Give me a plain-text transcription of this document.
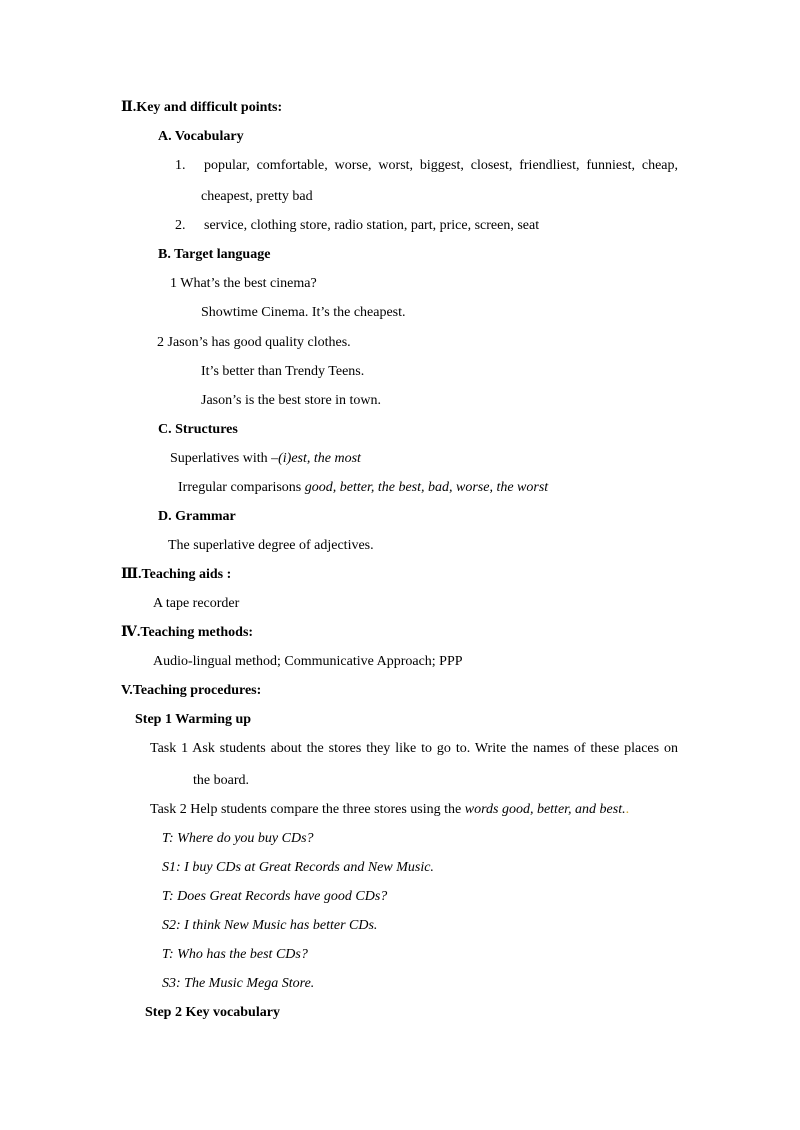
Ⅱ.Key and difficult points:
A. Vocabulary
1. popular, comfortable, worse, worst, biggest, closest, friendliest, funniest, cheap,
cheapest, pretty bad
2. service, clothing store, radio station, part, price, screen, seat
B. Target language
1 What’s the best cinema?
Showtime Cinema. It’s the cheapest.
2 Jason’s has good quality clothes.
It’s better than Trendy Teens.
Jason’s is the best store in town.
C. Structures
Superlatives with –(i)est, the most
Irregular comparisons good, better, the best, bad, worse, the worst
D. Grammar
The superlative degree of adjectives.
Ⅲ.Teaching aids :
A tape recorder
Ⅳ.Teaching methods:
Audio-lingual method; Communicative Approach; PPP
V.Teaching procedures:
Step 1 Warming up
Task 1 Ask students about the stores they like to go to. Write the names of these places on
the board.
Task 2 Help students compare the three stores using the words good, better, and best..
T: Where do you buy CDs?
S1: I buy CDs at Great Records and New Music.
T: Does Great Records have good CDs?
S2: I think New Music has better CDs.
T: Who has the best CDs?
S3: The Music Mega Store.
Step 2 Key vocabulary
